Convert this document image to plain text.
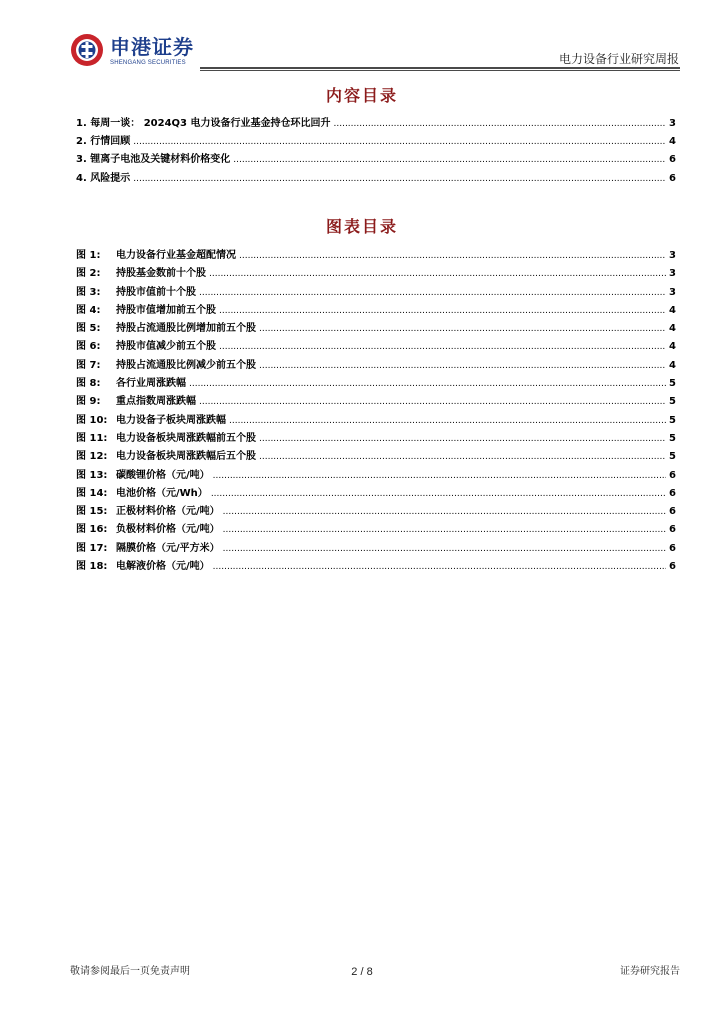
申港证券
SHENGANG SECURITIES	电力设备行业研究周报
内容目录
1. 每周一谈： 2024Q3 电力设备行业基金持仓环比回升 .....	3
2. 行情回顾 .....	4
3. 锂离子电池及关键材料价格变化 .....	6
4. 风险提示 .....	6
图表目录
图 1:	电力设备行业基金超配情况 .....	3
图 2:	持股基金数前十个股 .....	3
图 3:	持股市值前十个股 .....	3
图 4:	持股市值增加前五个股 .....	4
图 5:	持股占流通股比例增加前五个股 .....	4
图 6:	持股市值减少前五个股 .....	4
图 7:	持股占流通股比例减少前五个股 .....	4
图 8:	各行业周涨跌幅 .....	5
图 9:	重点指数周涨跌幅 .....	5
图 10: 电力设备子板块周涨跌幅 .....	5
图 11: 电力设备板块周涨跌幅前五个股 .....	5
图 12: 电力设备板块周涨跌幅后五个股 .....	5
图 13: 碳酸锂价格（元/吨） .....	6
图 14: 电池价格（元/Wh） .....	6
图 15: 正极材料价格（元/吨） .....	6
图 16: 负极材料价格（元/吨） .....	6
图 17: 隔膜价格（元/平方米） .....	6
图 18: 电解液价格（元/吨） .....	6
敬请参阅最后一页免责声明	2 / 8	证券研究报告
